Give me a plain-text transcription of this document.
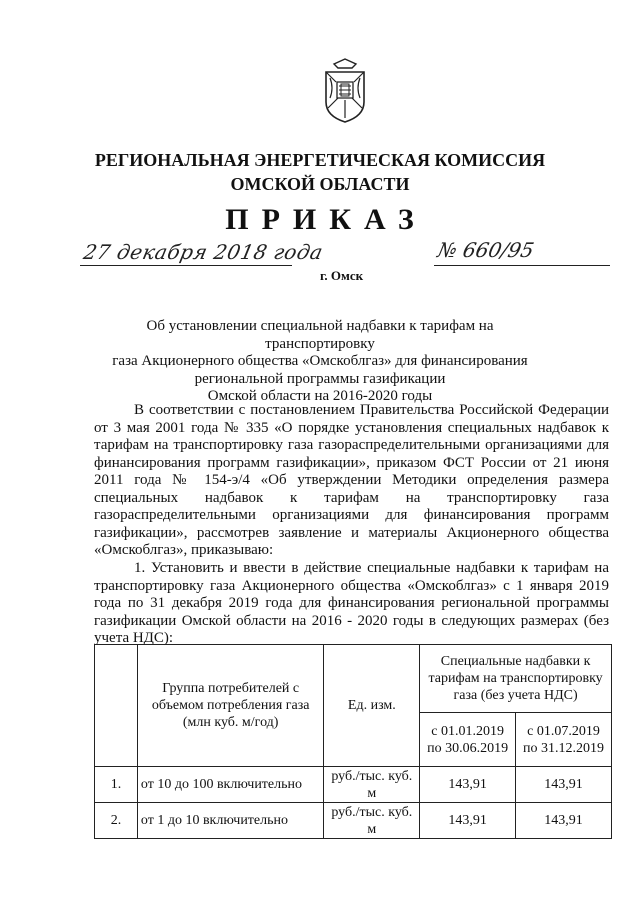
РЕГИОНАЛЬНАЯ ЭНЕРГЕТИЧЕСКАЯ КОМИССИЯ
ОМСКОЙ ОБЛАСТИ
ПРИКАЗ
27 декабря 2018 года
г. Омск
№ 660/95
Об установлении специальной надбавки к тарифам на транспортировку
газа Акционерного общества «Омскоблгаз» для финансирования
региональной программы газификации
Омской области на 2016-2020 годы
В соответствии с постановлением Правительства Российской Федерации от 3 мая 2001 года № 335 «О порядке установления специальных надбавок к тарифам на транспортировку газа газораспределительными организациями для финансирования программ газификации», приказом ФСТ России от 21 июня 2011 года № 154-э/4 «Об утверждении Методики определения размера специальных надбавок к тарифам на транспортировку газа газораспределительными организациями для финансирования программ газификации», рассмотрев заявление и материалы Акционерного общества «Омскоблгаз», приказываю:
1. Установить и ввести в действие специальные надбавки к тарифам на транспортировку газа Акционерного общества «Омскоблгаз» с 1 января 2019 года по 31 декабря 2019 года для финансирования региональной программы газификации Омской области на 2016 - 2020 годы в следующих размерах (без учета НДС):
	Группа потребителей с объемом потребления газа (млн куб. м/год)	Ед. изм.	Специальные надбавки к тарифам на транспортировку газа (без учета НДС)	
			с 01.01.2019 по 30.06.2019	с 01.07.2019 по 31.12.2019
1.	от 10 до 100 включительно	руб./тыс. куб. м	143,91	143,91
2.	от 1 до 10 включительно	руб./тыс. куб. м	143,91	143,91
